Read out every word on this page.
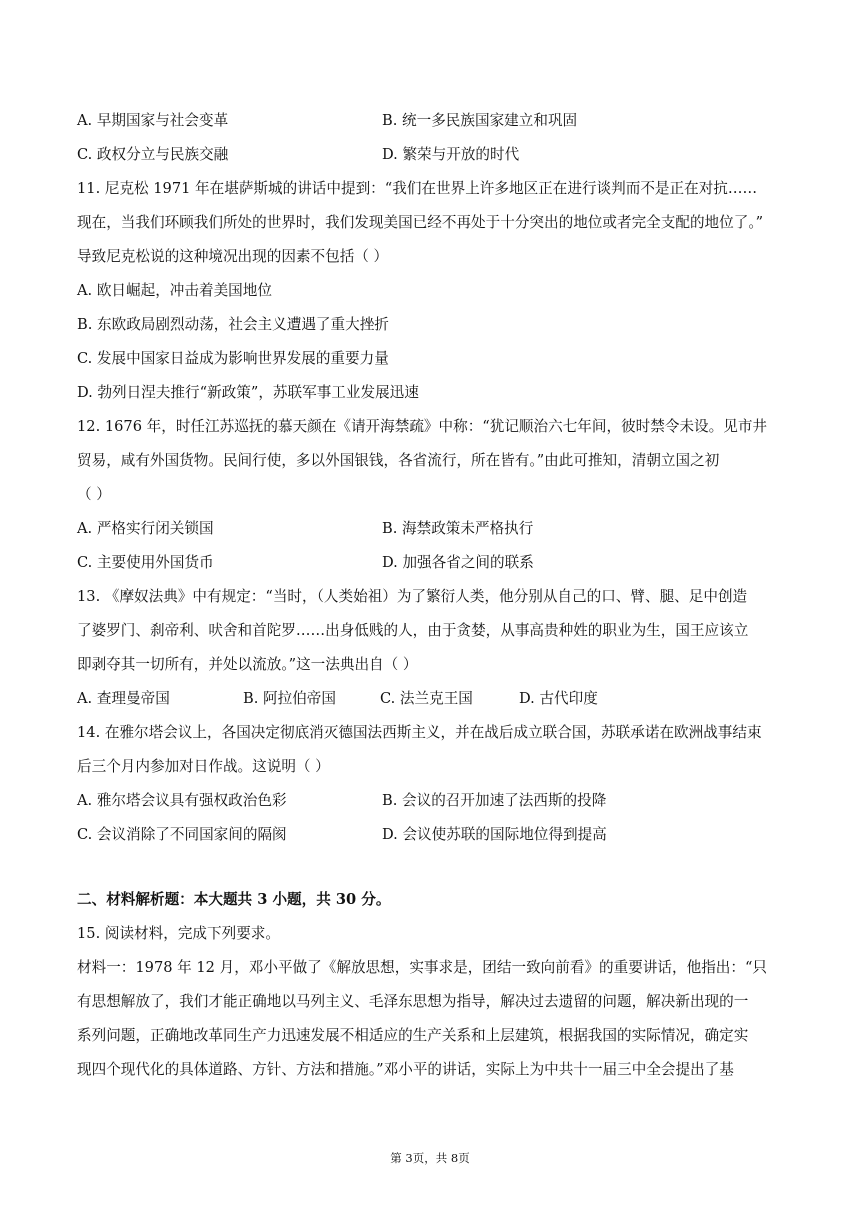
A. 早期国家与社会变革	B. 统一多民族国家建立和巩固
C. 政权分立与民族交融	D. 繁荣与开放的时代
11. 尼克松 1971 年在堪萨斯城的讲话中提到：“我们在世界上许多地区正在进行谈判而不是正在对抗……
现在，当我们环顾我们所处的世界时，我们发现美国已经不再处于十分突出的地位或者完全支配的地位了。”
导致尼克松说的这种境况出现的因素不包括（ ）
A. 欧日崛起，冲击着美国地位
B. 东欧政局剧烈动荡，社会主义遭遇了重大挫折
C. 发展中国家日益成为影响世界发展的重要力量
D. 勃列日涅夫推行“新政策”，苏联军事工业发展迅速
12. 1676 年，时任江苏巡抚的慕天颜在《请开海禁疏》中称：“犹记顺治六七年间，彼时禁令未设。见市井
贸易，咸有外国货物。民间行使，多以外国银钱，各省流行，所在皆有。”由此可推知，清朝立国之初
（ ）
A. 严格实行闭关锁国	B. 海禁政策未严格执行
C. 主要使用外国货币	D. 加强各省之间的联系
13. 《摩奴法典》中有规定：“当时，（人类始祖）为了繁衍人类，他分别从自己的口、臂、腿、足中创造
了婆罗门、刹帝利、吠舍和首陀罗……出身低贱的人，由于贪婪，从事高贵种姓的职业为生，国王应该立
即剥夺其一切所有，并处以流放。”这一法典出自（ ）
A. 查理曼帝国	B. 阿拉伯帝国	C. 法兰克王国	D. 古代印度
14. 在雅尔塔会议上，各国决定彻底消灭德国法西斯主义，并在战后成立联合国，苏联承诺在欧洲战事结束
后三个月内参加对日作战。这说明（ ）
A. 雅尔塔会议具有强权政治色彩	B. 会议的召开加速了法西斯的投降
C. 会议消除了不同国家间的隔阂	D. 会议使苏联的国际地位得到提高
二、材料解析题：本大题共 3 小题，共 30 分。
15. 阅读材料，完成下列要求。
材料一：1978 年 12 月，邓小平做了《解放思想，实事求是，团结一致向前看》的重要讲话，他指出：“只
有思想解放了，我们才能正确地以马列主义、毛泽东思想为指导，解决过去遗留的问题，解决新出现的一
系列问题，正确地改革同生产力迅速发展不相适应的生产关系和上层建筑，根据我国的实际情况，确定实
现四个现代化的具体道路、方针、方法和措施。”邓小平的讲话，实际上为中共十一届三中全会提出了基
第 3页，共 8页
